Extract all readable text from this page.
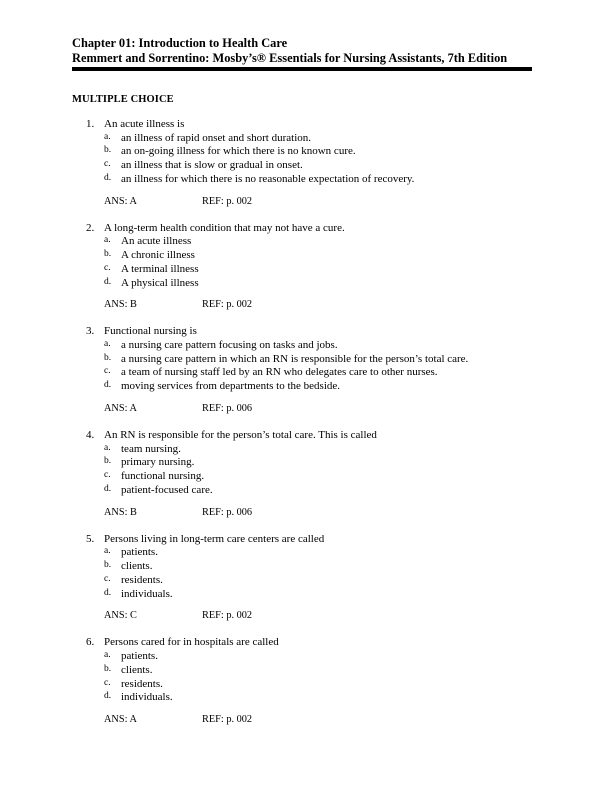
Chapter 01: Introduction to Health Care
Remmert and Sorrentino: Mosby’s® Essentials for Nursing Assistants, 7th Edition
MULTIPLE CHOICE
1. An acute illness is
a. an illness of rapid onset and short duration.
b. an on-going illness for which there is no known cure.
c. an illness that is slow or gradual in onset.
d. an illness for which there is no reasonable expectation of recovery.
ANS: A	REF: p. 002
2. A long-term health condition that may not have a cure.
a. An acute illness
b. A chronic illness
c. A terminal illness
d. A physical illness
ANS: B	REF: p. 002
3. Functional nursing is
a. a nursing care pattern focusing on tasks and jobs.
b. a nursing care pattern in which an RN is responsible for the person’s total care.
c. a team of nursing staff led by an RN who delegates care to other nurses.
d. moving services from departments to the bedside.
ANS: A	REF: p. 006
4. An RN is responsible for the person’s total care. This is called
a. team nursing.
b. primary nursing.
c. functional nursing.
d. patient-focused care.
ANS: B	REF: p. 006
5. Persons living in long-term care centers are called
a. patients.
b. clients.
c. residents.
d. individuals.
ANS: C	REF: p. 002
6. Persons cared for in hospitals are called
a. patients.
b. clients.
c. residents.
d. individuals.
ANS: A	REF: p. 002
